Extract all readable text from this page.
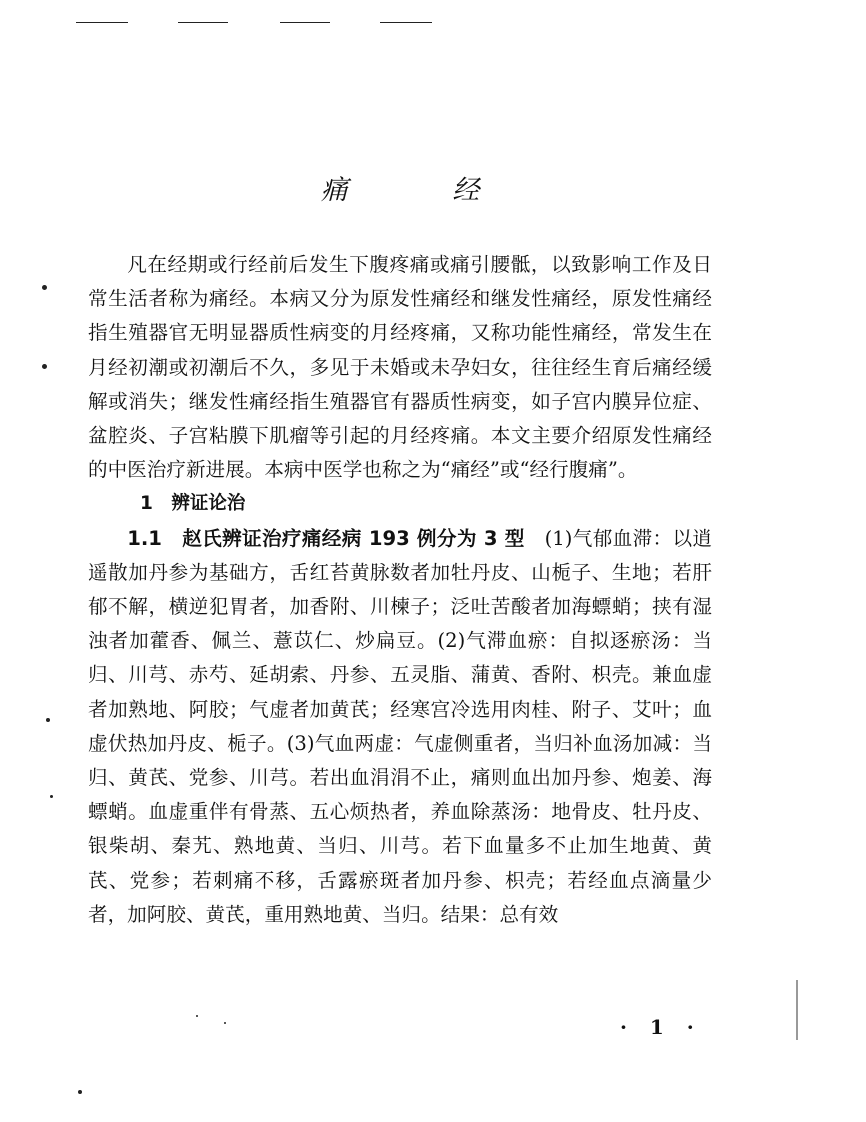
痛 经

凡在经期或行经前后发生下腹疼痛或痛引腰骶，以致影响工作及日常生活者称为痛经。本病又分为原发性痛经和继发性痛经，原发性痛经指生殖器官无明显器质性病变的月经疼痛，又称功能性痛经，常发生在月经初潮或初潮后不久，多见于未婚或未孕妇女，往往经生育后痛经缓解或消失；继发性痛经指生殖器官有器质性病变，如子宫内膜异位症、盆腔炎、子宫粘膜下肌瘤等引起的月经疼痛。本文主要介绍原发性痛经的中医治疗新进展。本病中医学也称之为“痛经”或“经行腹痛”。

1　辨证论治

1.1　 赵氏辨证治疗痛经病 193 例分为 3 型　 (1)气郁血滞：以逍遥散加丹参为基础方，舌红苔黄脉数者加牡丹皮、山栀子、生地；若肝郁不解，横逆犯胃者，加香附、川楝子；泛吐苦酸者加海螵蛸；挟有湿浊者加藿香、佩兰、薏苡仁、炒扁豆。(2)气滞血瘀：自拟逐瘀汤：当归、川芎、赤芍、延胡索、丹参、五灵脂、蒲黄、香附、枳壳。兼血虚者加熟地、阿胶；气虚者加黄芪；经寒宫冷选用肉桂、附子、艾叶；血虚伏热加丹皮、栀子。(3)气血两虚：气虚侧重者，当归补血汤加减：当归、黄芪、党参、川芎。若出血涓涓不止，痛则血出加丹参、炮姜、海螵蛸。血虚重伴有骨蒸、五心烦热者，养血除蒸汤：地骨皮、牡丹皮、银柴胡、秦艽、熟地黄、当归、川芎。若下血量多不止加生地黄、黄芪、党参；若刺痛不移，舌露瘀斑者加丹参、枳壳；若经血点滴量少者，加阿胶、黄芪，重用熟地黄、当归。结果：总有效

· 1 ·
